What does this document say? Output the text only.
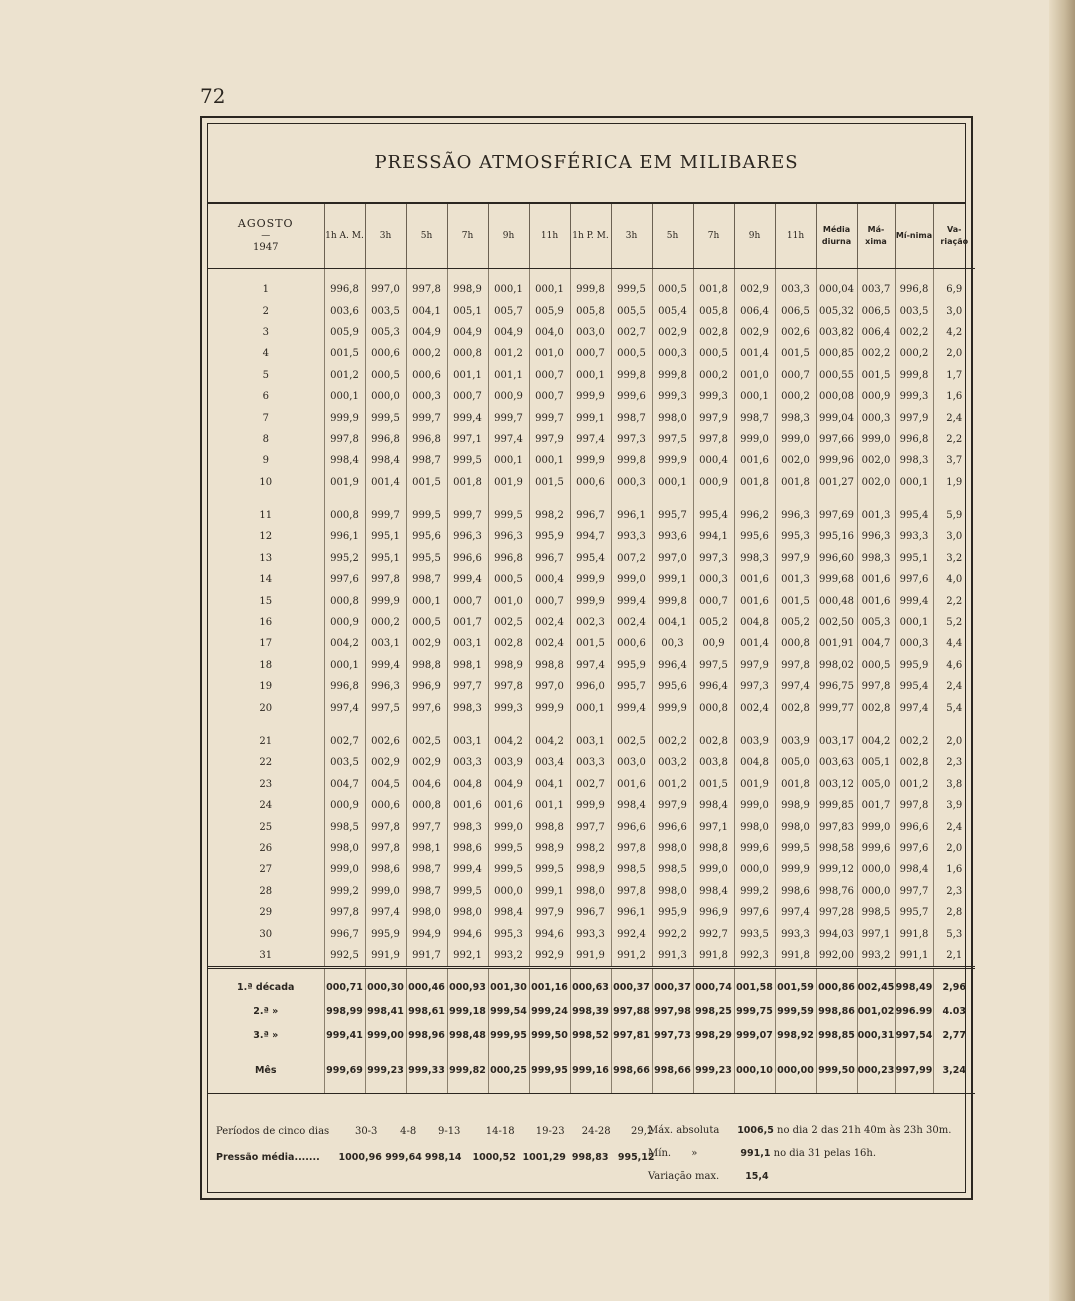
72
PRESSÃO ATMOSFÉRICA EM MILIBARES
AGOSTO
—
1947	1h A. M.	3h	5h	7h	9h	11h	1h P. M.	3h	5h	7h	9h	11h	Média diurna	Má-xima	Mí-nima	Va-riação
1	996,8	997,0	997,8	998,9	000,1	000,1	999,8	999,5	000,5	001,8	002,9	003,3	000,04	003,7	996,8	6,9
2	003,6	003,5	004,1	005,1	005,7	005,9	005,8	005,5	005,4	005,8	006,4	006,5	005,32	006,5	003,5	3,0
3	005,9	005,3	004,9	004,9	004,9	004,0	003,0	002,7	002,9	002,8	002,9	002,6	003,82	006,4	002,2	4,2
4	001,5	000,6	000,2	000,8	001,2	001,0	000,7	000,5	000,3	000,5	001,4	001,5	000,85	002,2	000,2	2,0
5	001,2	000,5	000,6	001,1	001,1	000,7	000,1	999,8	999,8	000,2	001,0	000,7	000,55	001,5	999,8	1,7
6	000,1	000,0	000,3	000,7	000,9	000,7	999,9	999,6	999,3	999,3	000,1	000,2	000,08	000,9	999,3	1,6
7	999,9	999,5	999,7	999,4	999,7	999,7	999,1	998,7	998,0	997,9	998,7	998,3	999,04	000,3	997,9	2,4
8	997,8	996,8	996,8	997,1	997,4	997,9	997,4	997,3	997,5	997,8	999,0	999,0	997,66	999,0	996,8	2,2
9	998,4	998,4	998,7	999,5	000,1	000,1	999,9	999,8	999,9	000,4	001,6	002,0	999,96	002,0	998,3	3,7
10	001,9	001,4	001,5	001,8	001,9	001,5	000,6	000,3	000,1	000,9	001,8	001,8	001,27	002,0	000,1	1,9

11	000,8	999,7	999,5	999,7	999,5	998,2	996,7	996,1	995,7	995,4	996,2	996,3	997,69	001,3	995,4	5,9
12	996,1	995,1	995,6	996,3	996,3	995,9	994,7	993,3	993,6	994,1	995,6	995,3	995,16	996,3	993,3	3,0
13	995,2	995,1	995,5	996,6	996,8	996,7	995,4	007,2	997,0	997,3	998,3	997,9	996,60	998,3	995,1	3,2
14	997,6	997,8	998,7	999,4	000,5	000,4	999,9	999,0	999,1	000,3	001,6	001,3	999,68	001,6	997,6	4,0
15	000,8	999,9	000,1	000,7	001,0	000,7	999,9	999,4	999,8	000,7	001,6	001,5	000,48	001,6	999,4	2,2
16	000,9	000,2	000,5	001,7	002,5	002,4	002,3	002,4	004,1	005,2	004,8	005,2	002,50	005,3	000,1	5,2
17	004,2	003,1	002,9	003,1	002,8	002,4	001,5	000,6	00,3	00,9	001,4	000,8	001,91	004,7	000,3	4,4
18	000,1	999,4	998,8	998,1	998,9	998,8	997,4	995,9	996,4	997,5	997,9	997,8	998,02	000,5	995,9	4,6
19	996,8	996,3	996,9	997,7	997,8	997,0	996,0	995,7	995,6	996,4	997,3	997,4	996,75	997,8	995,4	2,4
20	997,4	997,5	997,6	998,3	999,3	999,9	000,1	999,4	999,9	000,8	002,4	002,8	999,77	002,8	997,4	5,4

21	002,7	002,6	002,5	003,1	004,2	004,2	003,1	002,5	002,2	002,8	003,9	003,9	003,17	004,2	002,2	2,0
22	003,5	002,9	002,9	003,3	003,9	003,4	003,3	003,0	003,2	003,8	004,8	005,0	003,63	005,1	002,8	2,3
23	004,7	004,5	004,6	004,8	004,9	004,1	002,7	001,6	001,2	001,5	001,9	001,8	003,12	005,0	001,2	3,8
24	000,9	000,6	000,8	001,6	001,6	001,1	999,9	998,4	997,9	998,4	999,0	998,9	999,85	001,7	997,8	3,9
25	998,5	997,8	997,7	998,3	999,0	998,8	997,7	996,6	996,6	997,1	998,0	998,0	997,83	999,0	996,6	2,4
26	998,0	997,8	998,1	998,6	999,5	998,9	998,2	997,8	998,0	998,8	999,6	999,5	998,58	999,6	997,6	2,0
27	999,0	998,6	998,7	999,4	999,5	999,5	998,9	998,5	998,5	999,0	000,0	999,9	999,12	000,0	998,4	1,6
28	999,2	999,0	998,7	999,5	000,0	999,1	998,0	997,8	998,0	998,4	999,2	998,6	998,76	000,0	997,7	2,3
29	997,8	997,4	998,0	998,0	998,4	997,9	996,7	996,1	995,9	996,9	997,6	997,4	997,28	998,5	995,7	2,8
30	996,7	995,9	994,9	994,6	995,3	994,6	993,3	992,4	992,2	992,7	993,5	993,3	994,03	997,1	991,8	5,3
31	992,5	991,9	991,7	992,1	993,2	992,9	991,9	991,2	991,3	991,8	992,3	991,8	992,00	993,2	991,1	2,1
1.ª década	000,71	000,30	000,46	000,93	001,30	001,16	000,63	000,37	000,37	000,74	001,58	001,59	000,86	002,45	998,49	2,96
2.ª »	998,99	998,41	998,61	999,18	999,54	999,24	998,39	997,88	997,98	998,25	999,75	999,59	998,86	001,02	996.99	4.03
3.ª »	999,41	999,00	998,96	998,48	999,95	999,50	998,52	997,81	997,73	998,29	999,07	998,92	998,85	000,31	997,54	2,77
Mês	999,69	999,23	999,33	999,82	000,25	999,95	999,16	998,66	998,66	999,23	000,10	000,00	999,50	000,23	997,99	3,24
Períodos de cinco dias	30-3 4-8 9-13	14-18 19-23 24-28 29,2
Pressão média....... 1000,96 999,64 998,14 1000,52 1001,29 998,83 995,12
Máx. absoluta 1006,5 no dia 2 das 21h 40m às 23h 30m.
Mín. »	991,1 no dia 31 pelas 16h.
Variação max.	15,4
